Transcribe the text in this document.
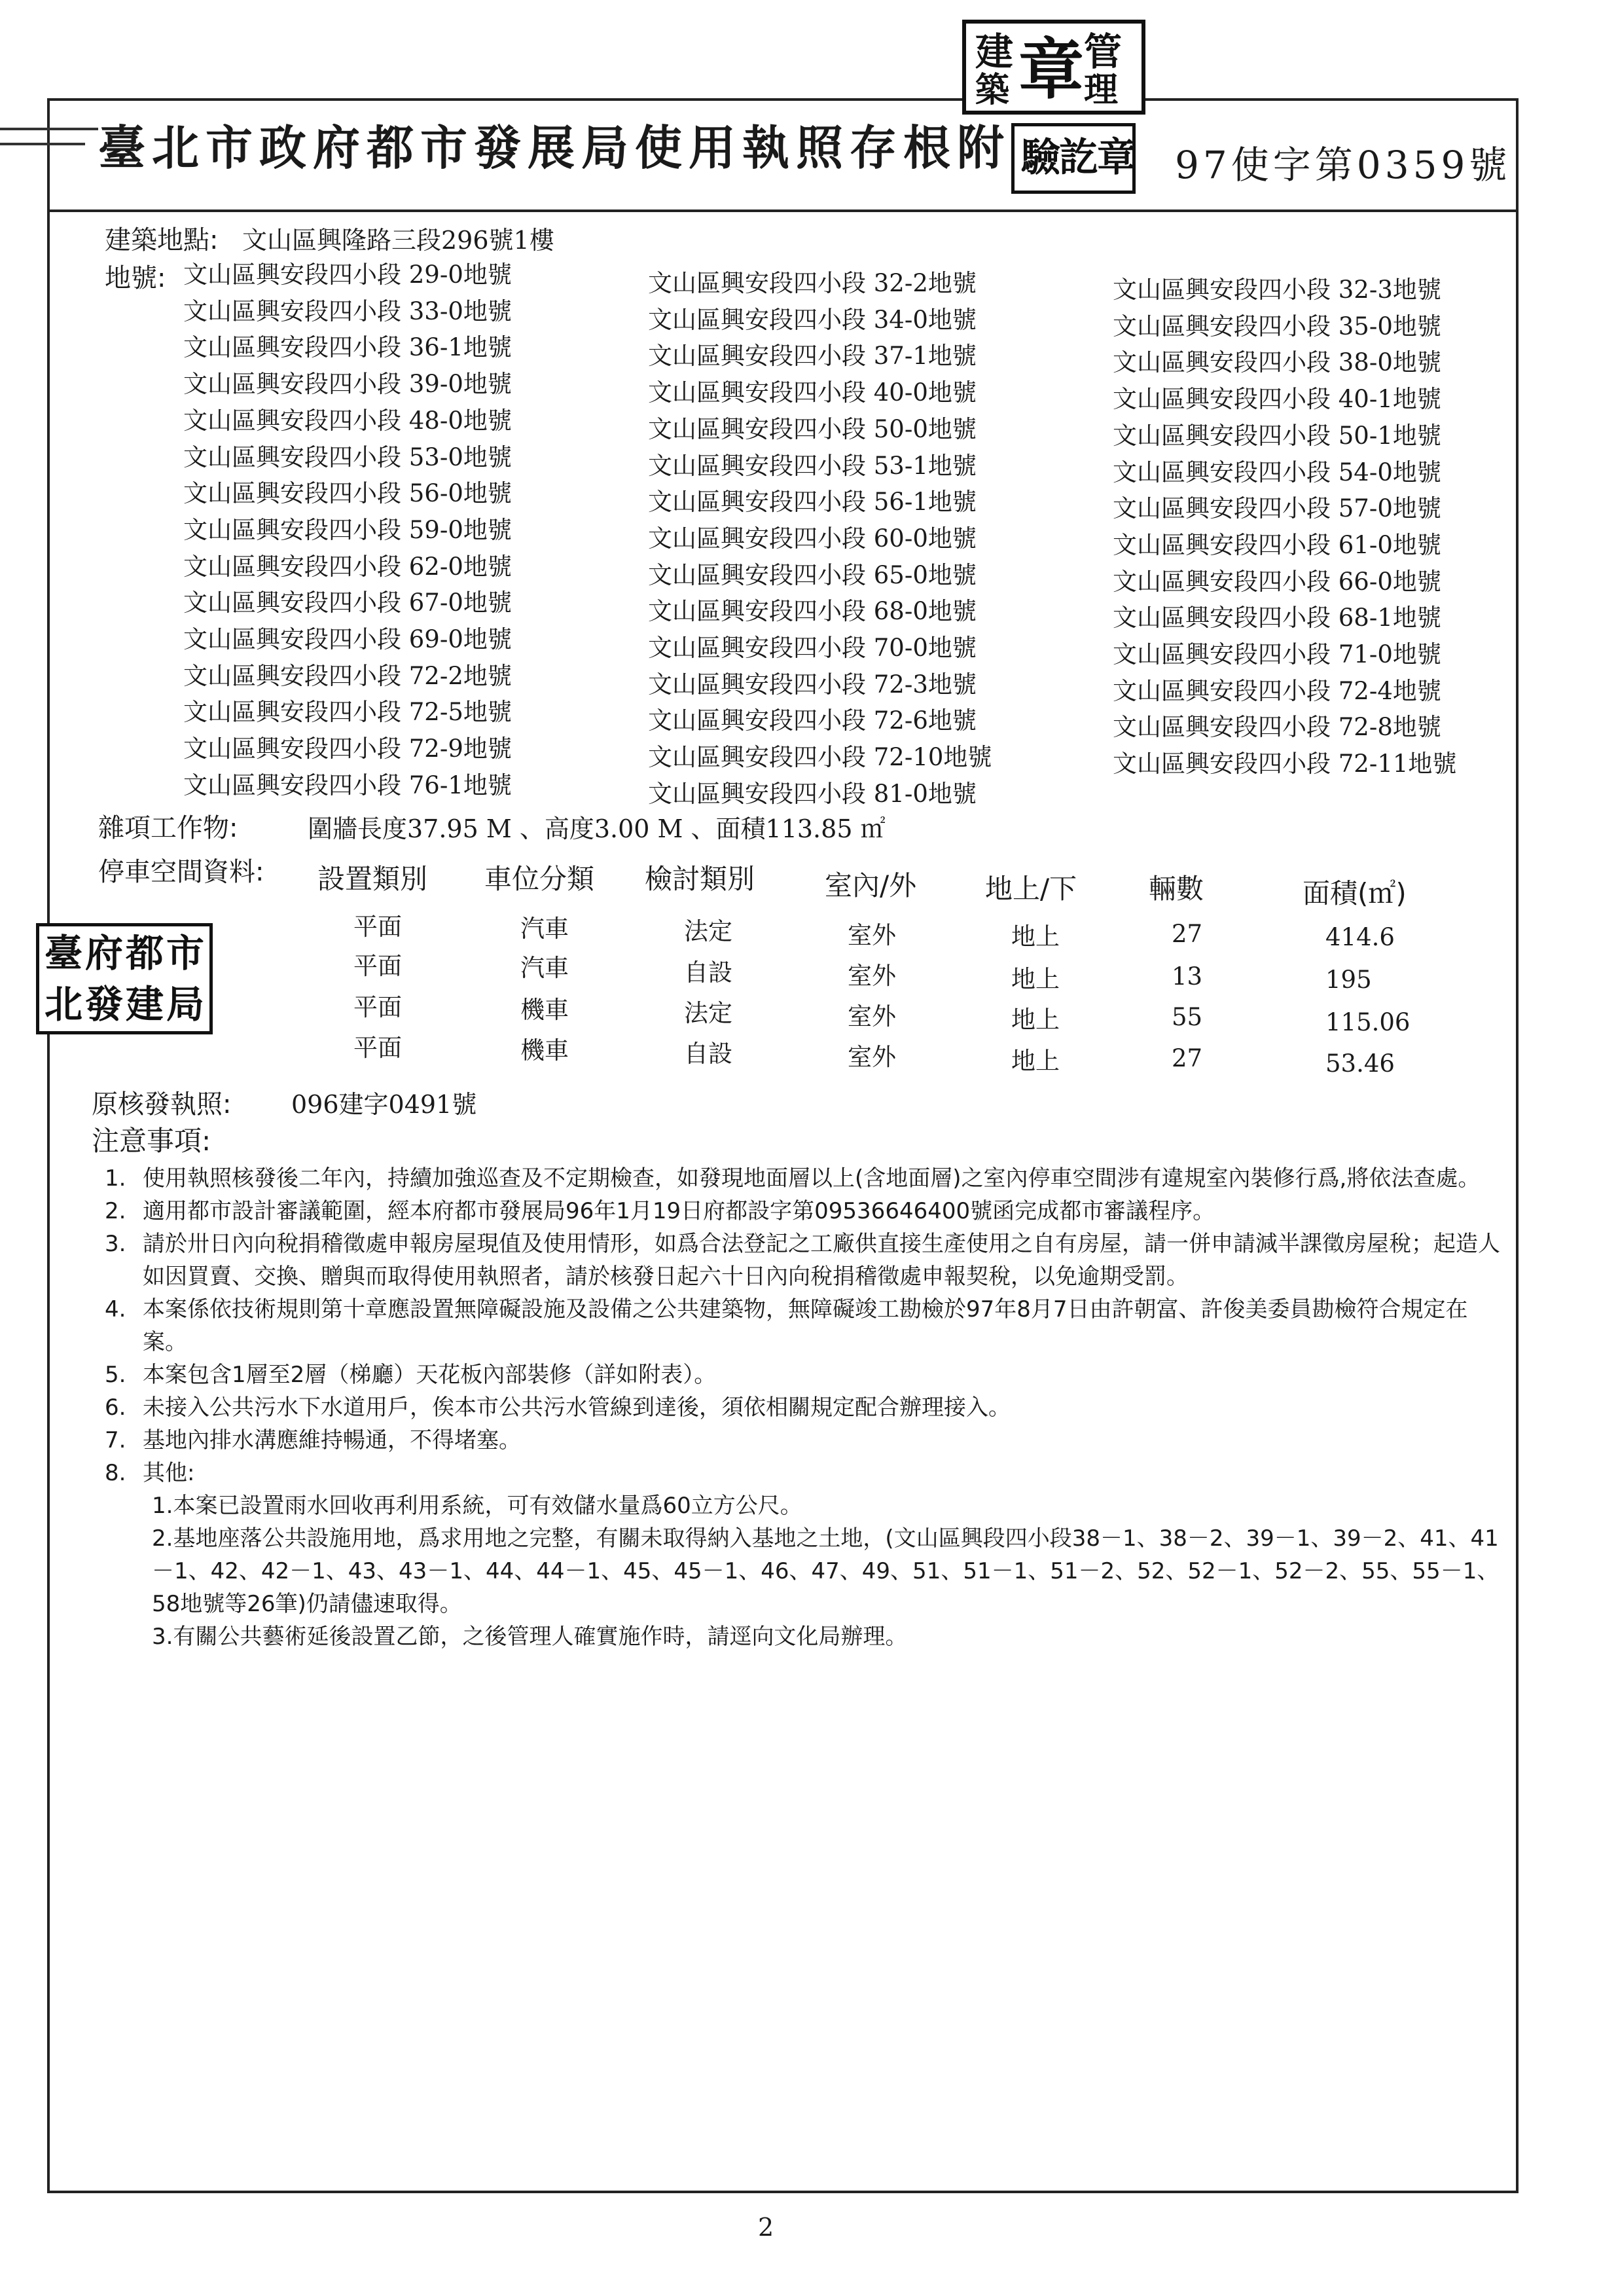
建
築 章 管
理
臺北市政府都市發展局使用執照存根附 驗
訖
章 97使字第0359號
建築地點: 文山區興隆路三段296號1樓
地號: 文山區興安段四小段 29-0地號
文山區興安段四小段 33-0地號
文山區興安段四小段 36-1地號
文山區興安段四小段 39-0地號
文山區興安段四小段 48-0地號
文山區興安段四小段 53-0地號
文山區興安段四小段 56-0地號
文山區興安段四小段 59-0地號
文山區興安段四小段 62-0地號
文山區興安段四小段 67-0地號
文山區興安段四小段 69-0地號
文山區興安段四小段 72-2地號
文山區興安段四小段 72-5地號
文山區興安段四小段 72-9地號
文山區興安段四小段 76-1地號
文山區興安段四小段 32-2地號
文山區興安段四小段 34-0地號
文山區興安段四小段 37-1地號
文山區興安段四小段 40-0地號
文山區興安段四小段 50-0地號
文山區興安段四小段 53-1地號
文山區興安段四小段 56-1地號
文山區興安段四小段 60-0地號
文山區興安段四小段 65-0地號
文山區興安段四小段 68-0地號
文山區興安段四小段 70-0地號
文山區興安段四小段 72-3地號
文山區興安段四小段 72-6地號
文山區興安段四小段 72-10地號
文山區興安段四小段 81-0地號
文山區興安段四小段 32-3地號
文山區興安段四小段 35-0地號
文山區興安段四小段 38-0地號
文山區興安段四小段 40-1地號
文山區興安段四小段 50-1地號
文山區興安段四小段 54-0地號
文山區興安段四小段 57-0地號
文山區興安段四小段 61-0地號
文山區興安段四小段 66-0地號
文山區興安段四小段 68-1地號
文山區興安段四小段 71-0地號
文山區興安段四小段 72-4地號
文山區興安段四小段 72-8地號
文山區興安段四小段 72-11地號
雜項工作物:	圍牆長度37.95 M 、高度3.00 M 、面積113.85 ㎡
停車空間資料: 設置類別 車位分類 檢討類別	室內/外 地上/下	輛數	面積(㎡)
平面	汽車	法定	室外	地上	27	414.6
平面	汽車	自設	室外	地上	13	195
平面	機車	法定	室外	地上	55	115.06
平面	機車	自設	室外	地上	27	53.46
臺 府 都 市
北 發 建 局
原核發執照: 096建字0491號
注意事項:
1. 使用執照核發後二年內，持續加強巡查及不定期檢查，如發現地面層以上(含地面層)之室內停車空間涉有違規室內裝修行爲,將依法查處。
2. 適用都市設計審議範圍，經本府都市發展局96年1月19日府都設字第09536646400號函完成都市審議程序。
3. 請於卅日內向稅捐稽徵處申報房屋現值及使用情形，如爲合法登記之工廠供直接生產使用之自有房屋，請一併申請減半課徵房屋稅；起造人如因買賣、交換、贈與而取得使用執照者，請於核發日起六十日內向稅捐稽徵處申報契稅，以免逾期受罰。
4. 本案係依技術規則第十章應設置無障礙設施及設備之公共建築物，無障礙竣工勘檢於97年8月7日由許朝富、許俊美委員勘檢符合規定在案。
5. 本案包含1層至2層（梯廳）天花板內部裝修（詳如附表）。
6. 未接入公共污水下水道用戶，俟本市公共污水管線到達後，須依相關規定配合辦理接入。
7. 基地內排水溝應維持暢通，不得堵塞。
8. 其他:
1.本案已設置雨水回收再利用系統，可有效儲水量爲60立方公尺。
2.基地座落公共設施用地，爲求用地之完整，有關未取得納入基地之土地，(文山區興段四小段38－1、38－2、39－1、39－2、41、41－1、42、42－1、43、43－1、44、44－1、45、45－1、46、47、49、51、51－1、51－2、52、52－1、52－2、55、55－1、58地號等26筆)仍請儘速取得。
3.有關公共藝術延後設置乙節，之後管理人確實施作時，請逕向文化局辦理。
2
